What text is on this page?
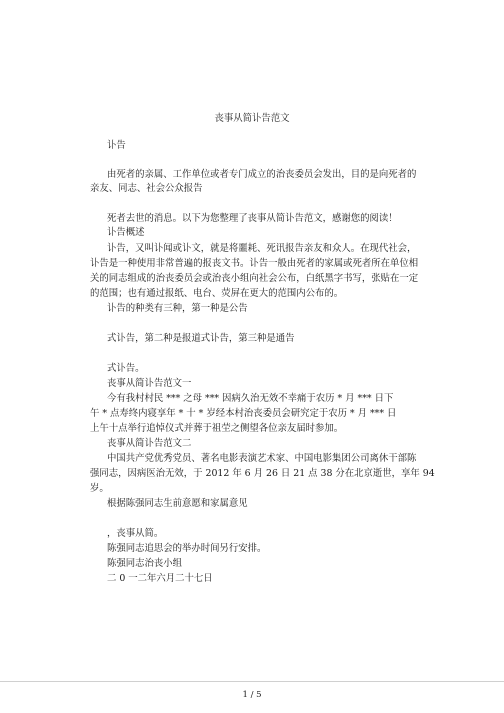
丧事从简讣告范文
讣告
由死者的亲属、工作单位或者专门成立的治丧委员会发出，目的是向死者的
亲友、同志、社会公众报告
死者去世的消息。以下为您整理了丧事从简讣告范文，感谢您的阅读！
讣告概述
讣告，又叫讣闻或讣文，就是将噩耗、死讯报告亲友和众人。在现代社会，
讣告是一种使用非常普遍的报丧文书。讣告一般由死者的家属或死者所在单位相
关的同志组成的治丧委员会或治丧小组向社会公布，白纸黑字书写，张贴在一定
的范围；也有通过报纸、电台、荧屏在更大的范围内公布的。
讣告的种类有三种，第一种是公告
式讣告，第二种是报道式讣告，第三种是通告
式讣告。
丧事从简讣告范文一
今有我村村民 *** 之母 *** 因病久治无效不幸痛于农历 * 月 *** 日下
午 * 点寿终内寝享年 * 十 * 岁经本村治丧委员会研究定于农历 * 月 *** 日
上午十点举行追悼仪式并葬于祖茔之侧望各位亲友届时参加。
丧事从简讣告范文二
中国共产党优秀党员、著名电影表演艺术家、中国电影集团公司离休干部陈
强同志，因病医治无效，于 2012 年 6 月 26 日 21 点 38 分在北京逝世，享年 94
岁。
根据陈强同志生前意愿和家属意见
，丧事从简。
陈强同志追思会的举办时间另行安排。
陈强同志治丧小组
二 0 一二年六月二十七日
1 / 5
